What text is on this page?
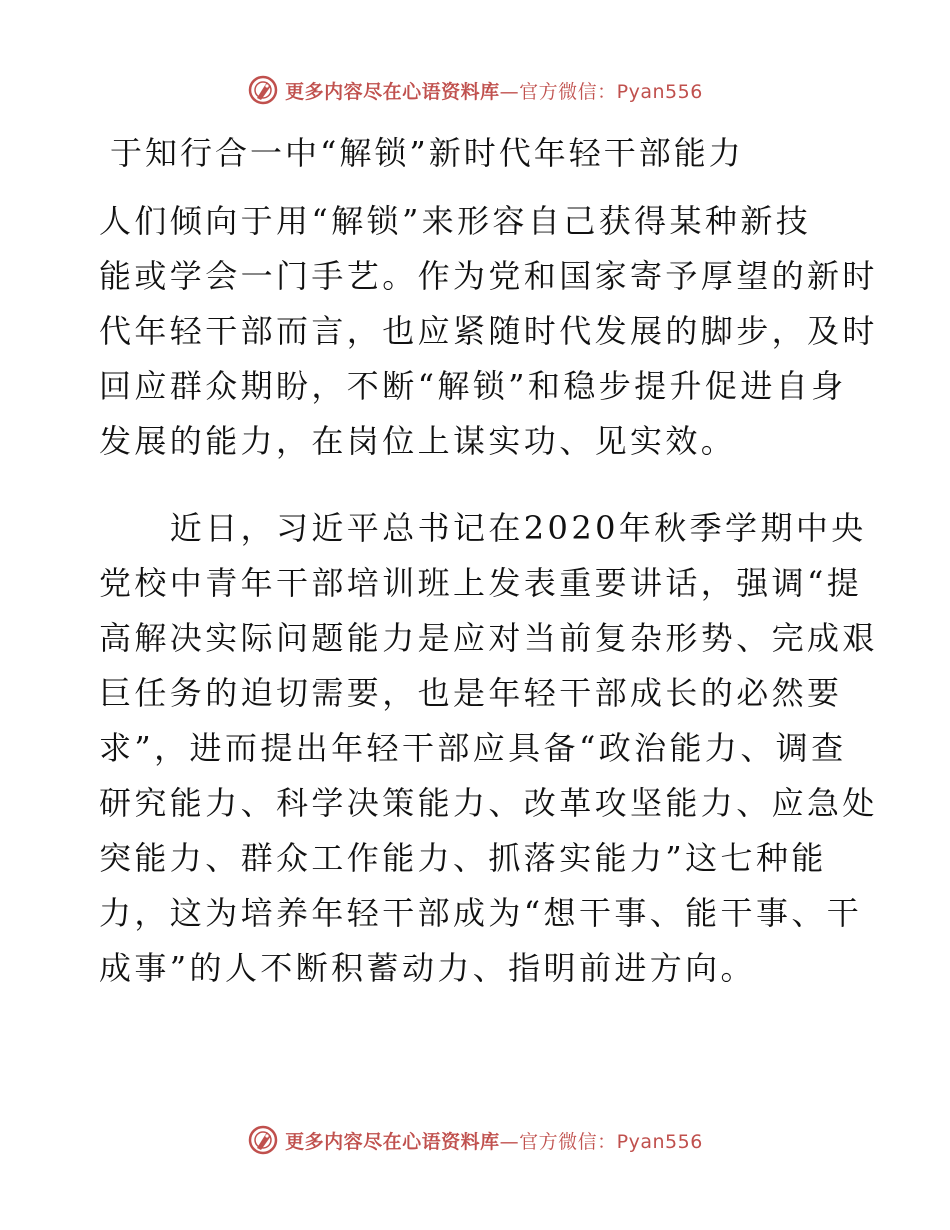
更多内容尽在心语资料库—官方微信：Pyan556
于知行合一中“解锁”新时代年轻干部能力
人们倾向于用“解锁”来形容自己获得某种新技
能或学会一门手艺。作为党和国家寄予厚望的新时
代年轻干部而言，也应紧随时代发展的脚步，及时
回应群众期盼，不断“解锁”和稳步提升促进自身
发展的能力，在岗位上谋实功、见实效。
　　近日，习近平总书记在2020年秋季学期中央
党校中青年干部培训班上发表重要讲话，强调“提
高解决实际问题能力是应对当前复杂形势、完成艰
巨任务的迫切需要，也是年轻干部成长的必然要
求”，进而提出年轻干部应具备“政治能力、调查
研究能力、科学决策能力、改革攻坚能力、应急处
突能力、群众工作能力、抓落实能力”这七种能
力，这为培养年轻干部成为“想干事、能干事、干
成事”的人不断积蓄动力、指明前进方向。
更多内容尽在心语资料库—官方微信：Pyan556
